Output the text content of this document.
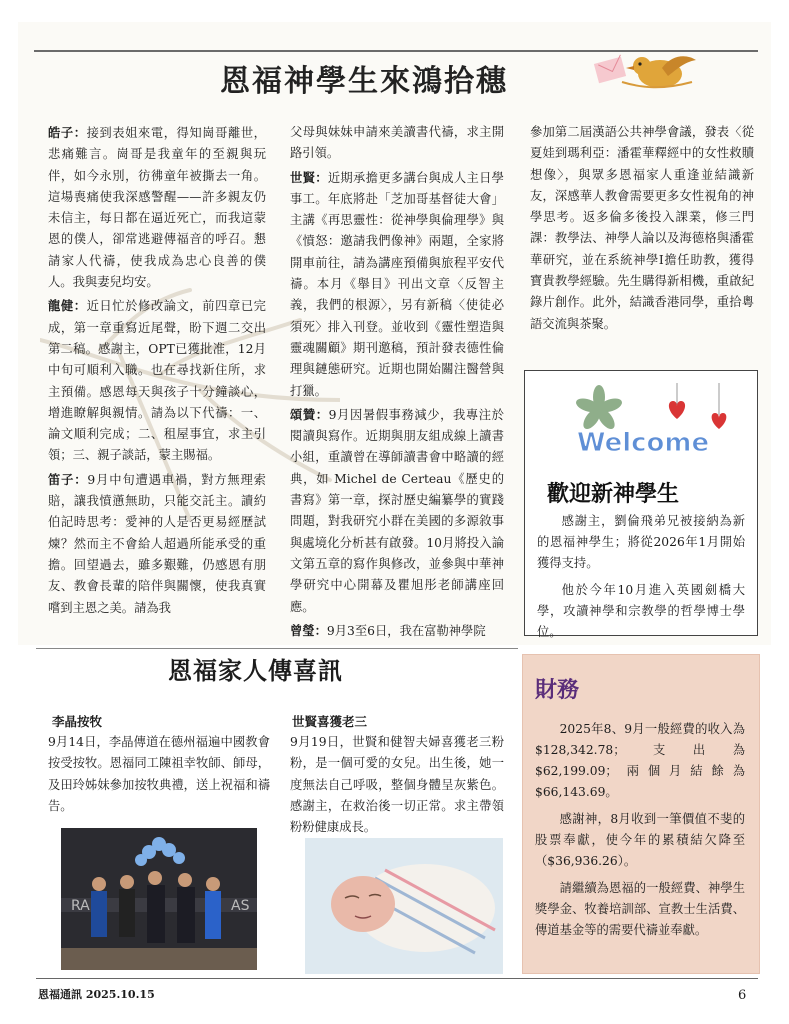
恩福神學生來鴻拾穗

皓子：接到表姐來電，得知崗哥離世，悲痛難言。崗哥是我童年的至親與玩伴，如今永別，彷彿童年被撕去一角。這場喪痛使我深感警醒——許多親友仍未信主，每日都在逼近死亡，而我這蒙恩的僕人，卻常逃避傳福音的呼召。懇請家人代禱，使我成為忠心良善的僕人。我與妻兒均安。

龍健：近日忙於修改論文，前四章已完成，第一章重寫近尾聲，盼下週二交出第二稿。感謝主，OPT已獲批准，12月中旬可順利入職。也在尋找新住所，求主預備。感恩每天與孩子十分鐘談心，增進瞭解與親情。請為以下代禱：一、論文順利完成；二、租屋事宜，求主引領；三、親子談話，蒙主賜福。

笛子：9月中旬遭遇車禍，對方無理索賠，讓我憤懣無助，只能交託主。讀約伯記時思考：愛神的人是否更易經歷試煉？然而主不會給人超過所能承受的重擔。回望過去，雖多艱難，仍感恩有朋友、教會長輩的陪伴與關懷，使我真實嚐到主恩之美。請為我

父母與妹妹申請來美讀書代禱，求主開路引領。

世賢：近期承擔更多講台與成人主日學事工。年底將赴「芝加哥基督徒大會」主講《再思靈性：從神學與倫理學》與《憤怒：邀請我們像神》兩題，全家將開車前往，請為講座預備與旅程平安代禱。本月《舉目》刊出文章〈反智主義，我們的根源〉，另有新稿〈使徒必須死〉排入刊登。並收到《靈性塑造與靈魂關顧》期刊邀稿，預計發表德性倫理與鏈態研究。近期也開始關注醫營與打獵。

頌贊：9月因暑假事務減少，我專注於閱讀與寫作。近期與朋友組成線上讀書小組，重讀曾在導師讀書會中略讀的經典，如 Michel de Certeau《歷史的書寫》第一章，探討歷史編纂學的實踐問題，對我研究小群在美國的多源敘事與處境化分析甚有啟發。10月將投入論文第五章的寫作與修改，並參與中華神學研究中心開幕及瞿旭彤老師講座回應。

曾瑩：9月3至6日，我在富勒神學院

參加第二屆漢語公共神學會議，發表〈從夏娃到瑪利亞：潘霍華釋經中的女性救贖想像〉，與眾多恩福家人重逢並結識新友，深感華人教會需要更多女性視角的神學思考。返多倫多後投入課業，修三門課：教學法、神學人論以及海德格與潘霍華研究，並在系統神學I擔任助教，獲得寶貴教學經驗。先生購得新相機，重啟紀錄片創作。此外，結識香港同學，重拾粵語交流與茶聚。

Welcome
歡迎新神學生

感謝主，劉倫飛弟兄被接納為新的恩福神學生；將從2026年1月開始獲得支持。

他於今年10月進入英國劍橋大學，攻讀神學和宗教學的哲學博士學位。

恩福家人傳喜訊
李晶按牧
9月14日，李晶傳道在德州福遍中國教會按受按牧。恩福同工陳祖幸牧師、師母，及田玲姊妹參加按牧典禮，送上祝福和禱告。
世賢喜獲老三
9月19日，世賢和健智夫婦喜獲老三粉粉，是一個可愛的女兒。出生後，她一度無法自己呼吸，整個身體呈灰紫色。感謝主，在救治後一切正常。求主帶領粉粉健康成長。
RA	AS
財務

2025年8、9月一般經費的收入為$128,342.78；支出為$62,199.09；兩個月結餘為$66,143.69。

感謝神，8月收到一筆價值不斐的股票奉獻，使今年的累積結欠降至（$36,936.26）。

請繼續為恩福的一般經費、神學生獎學金、牧養培訓部、宣教士生活費、傳道基金等的需要代禱並奉獻。

恩福通訊 2025.10.15	6
